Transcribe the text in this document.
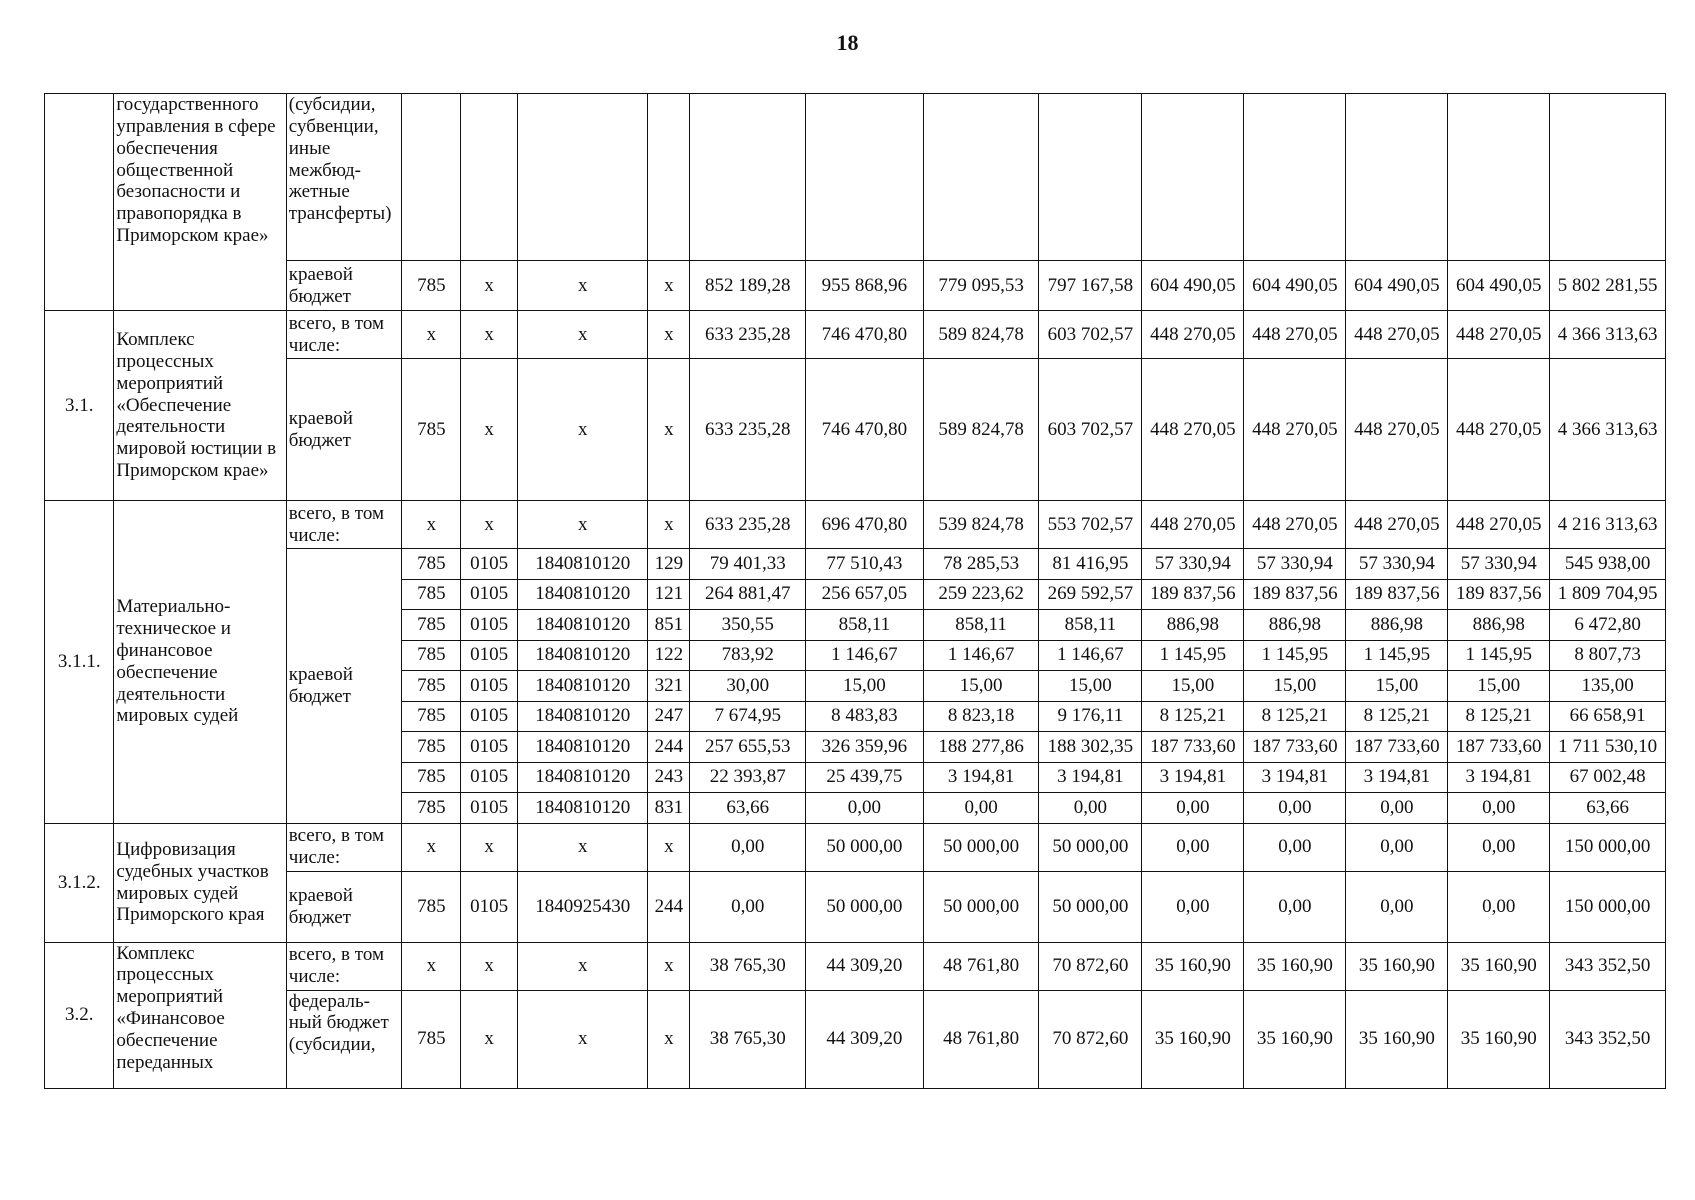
18
	государственного управления в сфере обеспечения общественной безопасности и правопорядка в Приморском крае»	(субсидии, субвенции, иные межбюд-жетные трансферты)													
		краевой бюджет	785	х	х	х	852 189,28	955 868,96	779 095,53	797 167,58	604 490,05	604 490,05	604 490,05	604 490,05	5 802 281,55
3.1.	Комплекс процессных мероприятий «Обеспечение деятельности мировой юстиции в Приморском крае»	всего, в том числе:	х	х	х	х	633 235,28	746 470,80	589 824,78	603 702,57	448 270,05	448 270,05	448 270,05	448 270,05	4 366 313,63
		краевой бюджет	785	х	х	х	633 235,28	746 470,80	589 824,78	603 702,57	448 270,05	448 270,05	448 270,05	448 270,05	4 366 313,63
3.1.1.	Материально-техническое и финансовое обеспечение деятельности мировых судей	всего, в том числе:	х	х	х	х	633 235,28	696 470,80	539 824,78	553 702,57	448 270,05	448 270,05	448 270,05	448 270,05	4 216 313,63
		краевой бюджет	785	0105	1840810120	129	79 401,33	77 510,43	78 285,53	81 416,95	57 330,94	57 330,94	57 330,94	57 330,94	545 938,00
			785	0105	1840810120	121	264 881,47	256 657,05	259 223,62	269 592,57	189 837,56	189 837,56	189 837,56	189 837,56	1 809 704,95
			785	0105	1840810120	851	350,55	858,11	858,11	858,11	886,98	886,98	886,98	886,98	6 472,80
			785	0105	1840810120	122	783,92	1 146,67	1 146,67	1 146,67	1 145,95	1 145,95	1 145,95	1 145,95	8 807,73
			785	0105	1840810120	321	30,00	15,00	15,00	15,00	15,00	15,00	15,00	15,00	135,00
			785	0105	1840810120	247	7 674,95	8 483,83	8 823,18	9 176,11	8 125,21	8 125,21	8 125,21	8 125,21	66 658,91
			785	0105	1840810120	244	257 655,53	326 359,96	188 277,86	188 302,35	187 733,60	187 733,60	187 733,60	187 733,60	1 711 530,10
			785	0105	1840810120	243	22 393,87	25 439,75	3 194,81	3 194,81	3 194,81	3 194,81	3 194,81	3 194,81	67 002,48
			785	0105	1840810120	831	63,66	0,00	0,00	0,00	0,00	0,00	0,00	0,00	63,66
3.1.2.	Цифровизация судебных участков мировых судей Приморского края	всего, в том числе:	х	х	х	х	0,00	50 000,00	50 000,00	50 000,00	0,00	0,00	0,00	0,00	150 000,00
		краевой бюджет	785	0105	1840925430	244	0,00	50 000,00	50 000,00	50 000,00	0,00	0,00	0,00	0,00	150 000,00
3.2.	Комплекс процессных мероприятий «Финансовое обеспечение переданных	всего, в том числе:	х	х	х	х	38 765,30	44 309,20	48 761,80	70 872,60	35 160,90	35 160,90	35 160,90	35 160,90	343 352,50
		федераль-ный бюджет (субсидии,	785	х	х	х	38 765,30	44 309,20	48 761,80	70 872,60	35 160,90	35 160,90	35 160,90	35 160,90	343 352,50
